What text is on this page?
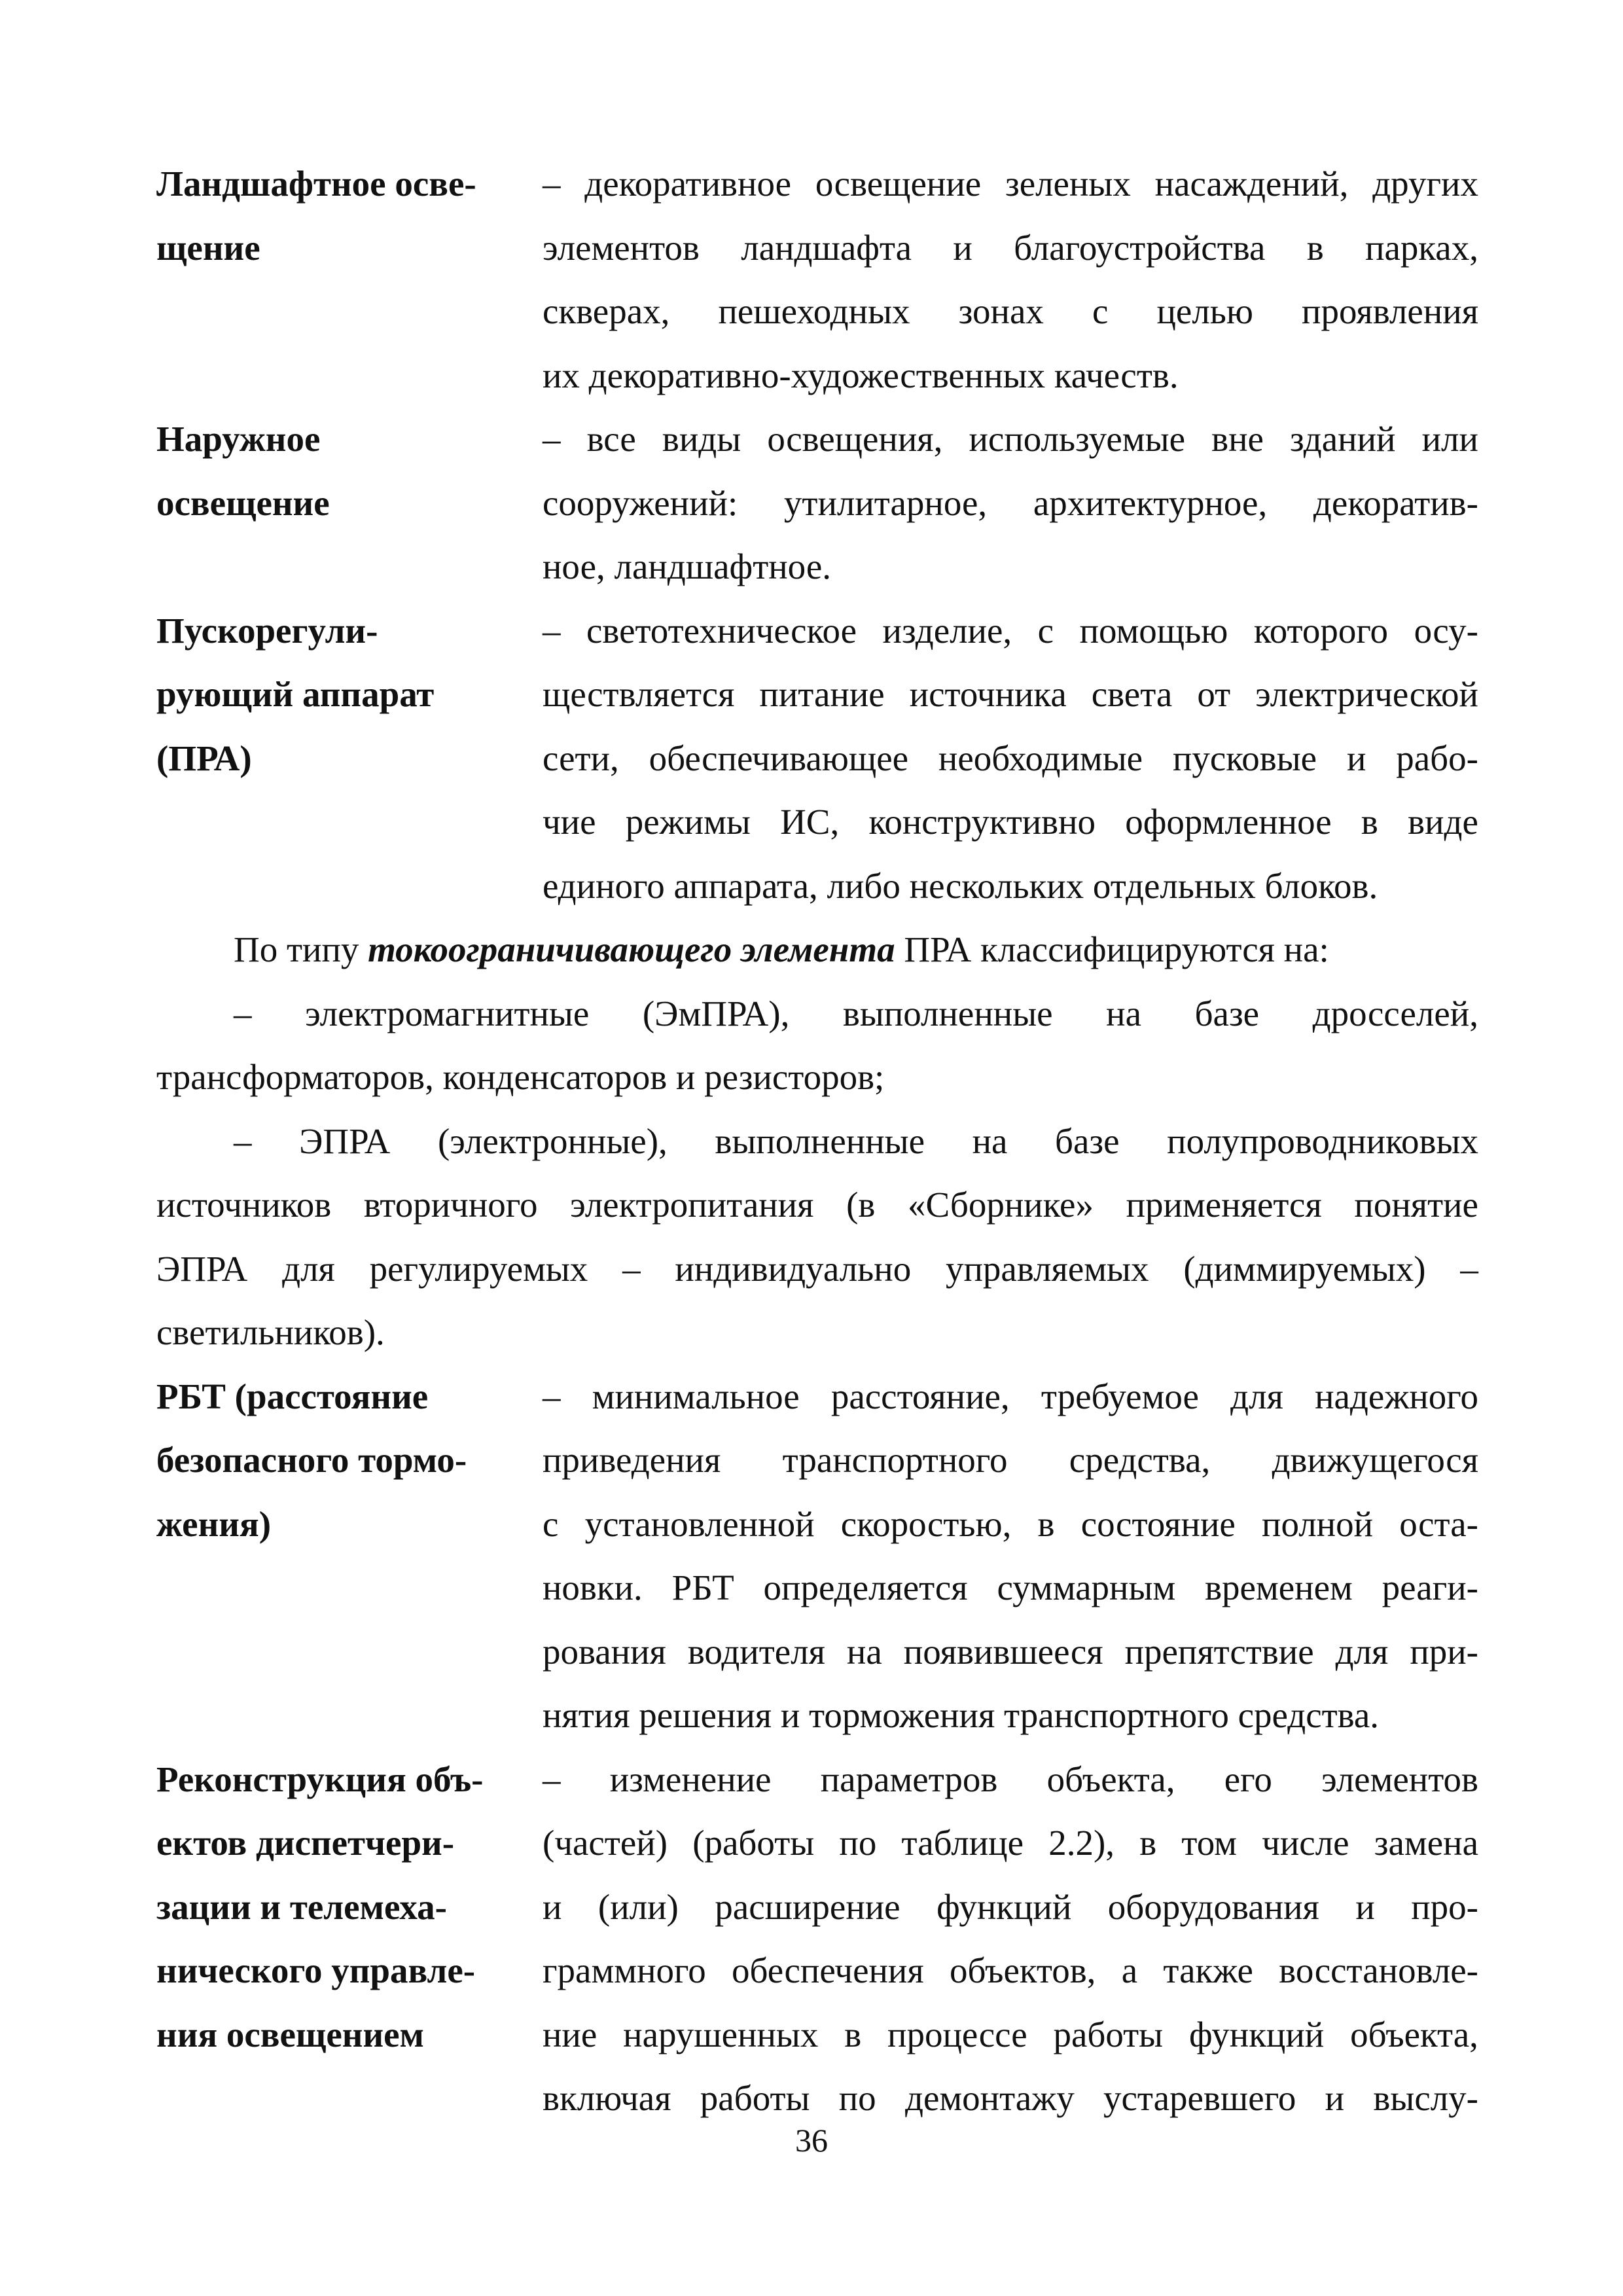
Ландшафтное осве-
щение
– декоративное освещение зеленых насаждений, других
элементов ландшафта и благоустройства в парках,
скверах, пешеходных зонах с целью проявления
их декоративно-художественных качеств.
Наружное
освещение
– все виды освещения, используемые вне зданий или
сооружений: утилитарное, архитектурное, декоратив-
ное, ландшафтное.
Пускорегули-
рующий аппарат
(ПРА)
– светотехническое изделие, с помощью которого осу-
ществляется питание источника света от электрической
сети, обеспечивающее необходимые пусковые и рабо-
чие режимы ИС, конструктивно оформленное в виде
единого аппарата, либо нескольких отдельных блоков.
По типу токоограничивающего элемента ПРА классифицируются на:
– электромагнитные (ЭмПРА), выполненные на базе дросселей,
трансформаторов, конденсаторов и резисторов;
– ЭПРА (электронные), выполненные на базе полупроводниковых
источников вторичного электропитания (в «Сборнике» применяется понятие
ЭПРА для регулируемых – индивидуально управляемых (диммируемых) –
светильников).
РБТ (расстояние
безопасного тормо-
жения)
– минимальное расстояние, требуемое для надежного
приведения транспортного средства, движущегося
с установленной скоростью, в состояние полной оста-
новки. РБТ определяется суммарным временем реаги-
рования водителя на появившееся препятствие для при-
нятия решения и торможения транспортного средства.
Реконструкция объ-
ектов диспетчери-
зации и телемеха-
нического управле-
ния освещением
– изменение параметров объекта, его элементов
(частей) (работы по таблице 2.2), в том числе замена
и (или) расширение функций оборудования и про-
граммного обеспечения объектов, а также восстановле-
ние нарушенных в процессе работы функций объекта,
включая работы по демонтажу устаревшего и выслу-
36
